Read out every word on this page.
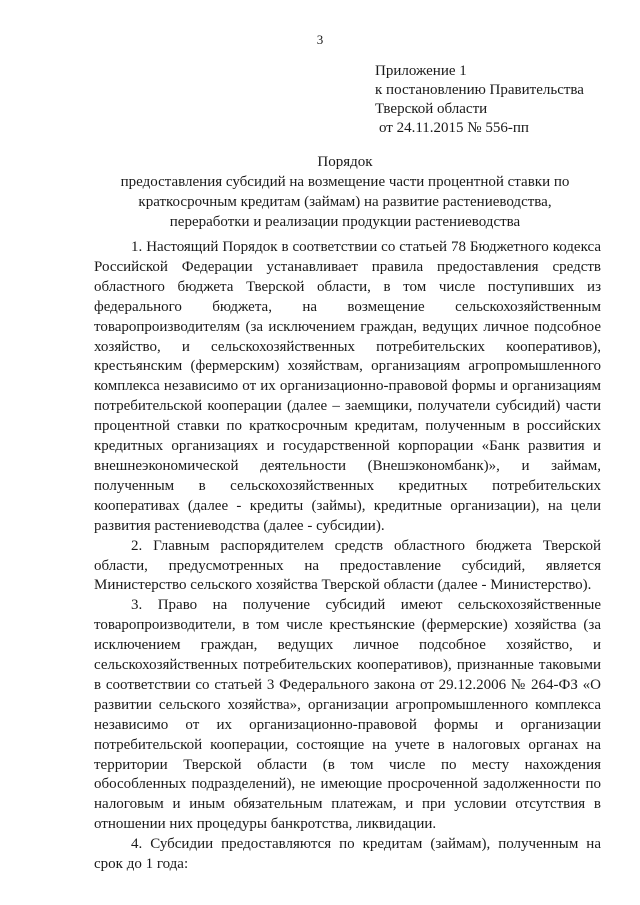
3
Приложение 1
к постановлению Правительства
Тверской области
от 24.11.2015 № 556-пп
Порядок
предоставления субсидий на возмещение части процентной ставки по
краткосрочным кредитам (займам) на развитие растениеводства,
переработки и реализации продукции растениеводства

1. Настоящий Порядок в соответствии со статьей 78 Бюджетного кодекса Российской Федерации устанавливает правила предоставления средств областного бюджета Тверской области, в том числе поступивших из федерального бюджета, на возмещение сельскохозяйственным товаропроизводителям (за исключением граждан, ведущих личное подсобное хозяйство, и сельскохозяйственных потребительских кооперативов), крестьянским (фермерским) хозяйствам, организациям агропромышленного комплекса независимо от их организационно-правовой формы и организациям потребительской кооперации (далее – заемщики, получатели субсидий) части процентной ставки по краткосрочным кредитам, полученным в российских кредитных организациях и государственной корпорации «Банк развития и внешнеэкономической деятельности (Внешэкономбанк)», и займам, полученным в сельскохозяйственных кредитных потребительских кооперативах (далее - кредиты (займы), кредитные организации), на цели развития растениеводства (далее - субсидии).

2. Главным распорядителем средств областного бюджета Тверской области, предусмотренных на предоставление субсидий, является Министерство сельского хозяйства Тверской области (далее - Министерство).

3. Право на получение субсидий имеют сельскохозяйственные товаропроизводители, в том числе крестьянские (фермерские) хозяйства (за исключением граждан, ведущих личное подсобное хозяйство, и сельскохозяйственных потребительских кооперативов), признанные таковыми в соответствии со статьей 3 Федерального закона от 29.12.2006 № 264-ФЗ «О развитии сельского хозяйства», организации агропромышленного комплекса независимо от их организационно-правовой формы и организации потребительской кооперации, состоящие на учете в налоговых органах на территории Тверской области (в том числе по месту нахождения обособленных подразделений), не имеющие просроченной задолженности по налоговым и иным обязательным платежам, и при условии отсутствия в отношении них процедуры банкротства, ликвидации.

4. Субсидии предоставляются по кредитам (займам), полученным на срок до 1 года:
